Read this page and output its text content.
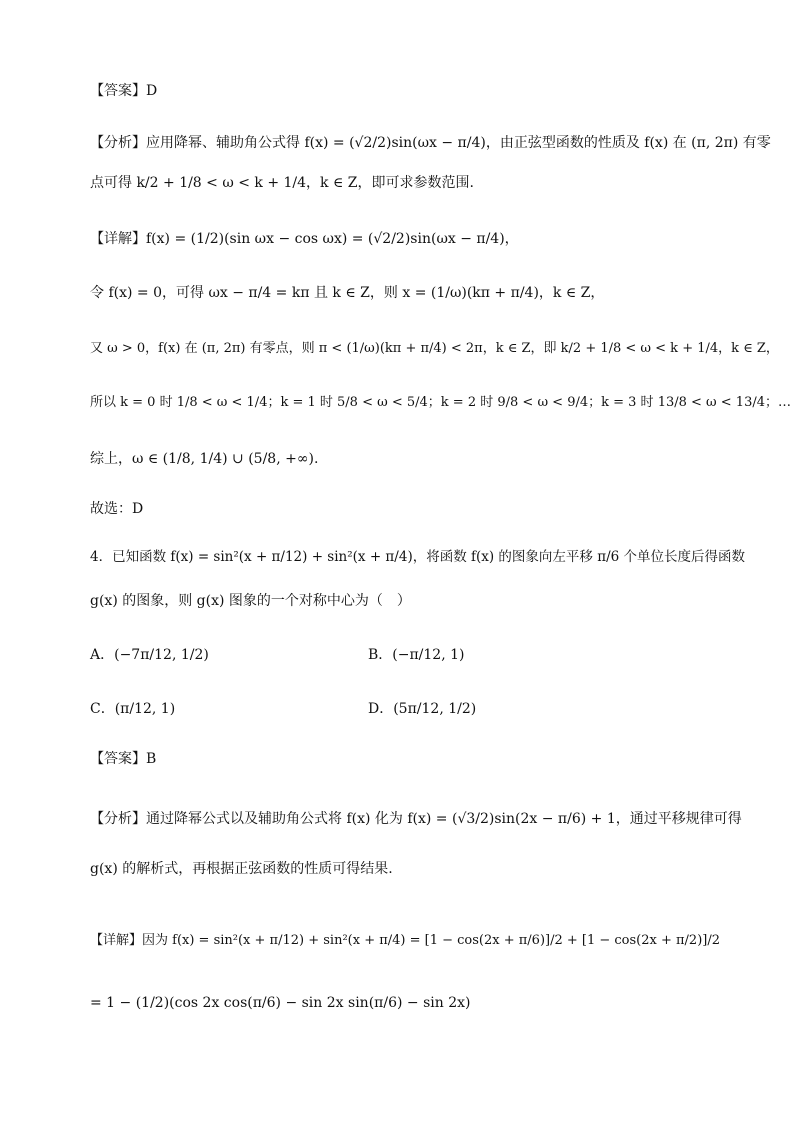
【答案】D
【分析】应用降幂、辅助角公式得 f(x) = (√2/2)sin(ωx − π/4)，由正弦型函数的性质及 f(x) 在 (π, 2π) 有零
点可得 k/2 + 1/8 < ω < k + 1/4，k ∈ Z，即可求参数范围.
【详解】f(x) = (1/2)(sin ωx − cos ωx) = (√2/2)sin(ωx − π/4)，
令 f(x) = 0，可得 ωx − π/4 = kπ 且 k ∈ Z，则 x = (1/ω)(kπ + π/4)，k ∈ Z，
又 ω > 0，f(x) 在 (π, 2π) 有零点，则 π < (1/ω)(kπ + π/4) < 2π，k ∈ Z，即 k/2 + 1/8 < ω < k + 1/4，k ∈ Z，
所以 k = 0 时 1/8 < ω < 1/4；k = 1 时 5/8 < ω < 5/4；k = 2 时 9/8 < ω < 9/4；k = 3 时 13/8 < ω < 13/4；…
综上，ω ∈ (1/8, 1/4) ∪ (5/8, +∞).
故选：D
4．已知函数 f(x) = sin²(x + π/12) + sin²(x + π/4)，将函数 f(x) 的图象向左平移 π/6 个单位长度后得函数
g(x) 的图象，则 g(x) 图象的一个对称中心为（　）
A．(−7π/12, 1/2)	B．(−π/12, 1)
C．(π/12, 1)	D．(5π/12, 1/2)
【答案】B
【分析】通过降幂公式以及辅助角公式将 f(x) 化为 f(x) = (√3/2)sin(2x − π/6) + 1，通过平移规律可得
g(x) 的解析式，再根据正弦函数的性质可得结果.
【详解】因为 f(x) = sin²(x + π/12) + sin²(x + π/4) = [1 − cos(2x + π/6)]/2 + [1 − cos(2x + π/2)]/2
= 1 − (1/2)(cos 2x cos(π/6) − sin 2x sin(π/6) − sin 2x)
